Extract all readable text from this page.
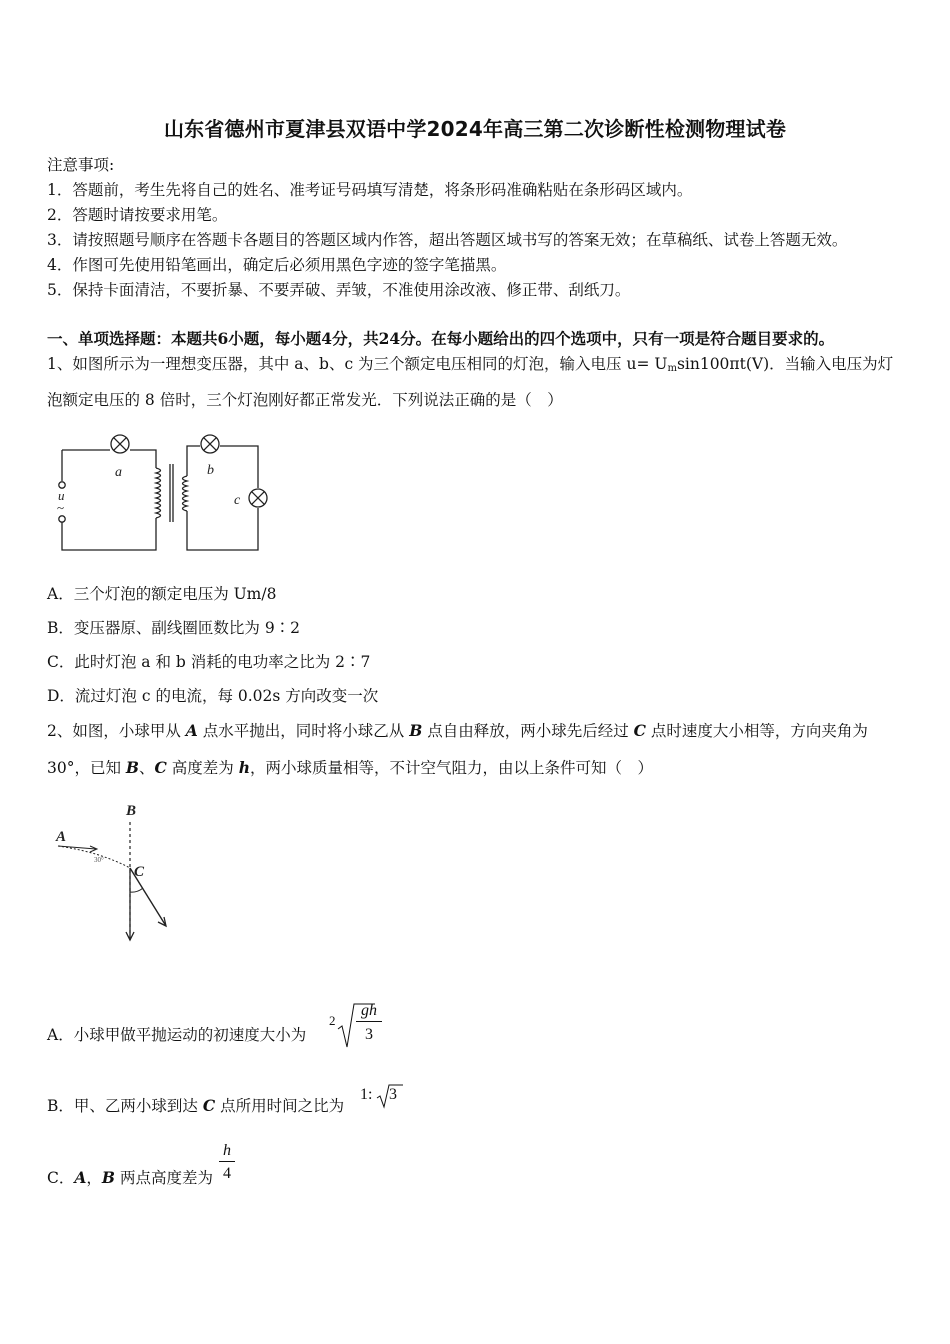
山东省德州市夏津县双语中学2024年高三第二次诊断性检测物理试卷
注意事项:
1．答题前，考生先将自己的姓名、准考证号码填写清楚，将条形码准确粘贴在条形码区域内。
2．答题时请按要求用笔。
3．请按照题号顺序在答题卡各题目的答题区域内作答，超出答题区域书写的答案无效；在草稿纸、试卷上答题无效。
4．作图可先使用铅笔画出，确定后必须用黑色字迹的签字笔描黑。
5．保持卡面清洁，不要折暴、不要弄破、弄皱，不准使用涂改液、修正带、刮纸刀。
一、单项选择题：本题共6小题，每小题4分，共24分。在每小题给出的四个选项中，只有一项是符合题目要求的。
1、如图所示为一理想变压器，其中 a、b、c 为三个额定电压相同的灯泡，输入电压 $u= U_m\sin 100\pi t(V)$．当输入电压为灯
泡额定电压的 8 倍时，三个灯泡刚好都正常发光．下列说法正确的是（　）
a	b
c
u
~
A．三个灯泡的额定电压为 Um/8
B．变压器原、副线圈匝数比为 9∶2
C．此时灯泡 a 和 b 消耗的电功率之比为 2∶7
D．流过灯泡 c 的电流，每 0.02s 方向改变一次
2、如图，小球甲从 A 点水平抛出，同时将小球乙从 B 点自由释放，两小球先后经过 C 点时速度大小相等，方向夹角为
30°，已知 B、C 高度差为 h，两小球质量相等，不计空气阻力，由以上条件可知（　）
B
A
C
30°
A．小球甲做平抛运动的初速度大小为
2
gh
3
B．甲、乙两小球到达 C 点所用时间之比为
1: 3
C．A，B 两点高度差为
h
4
